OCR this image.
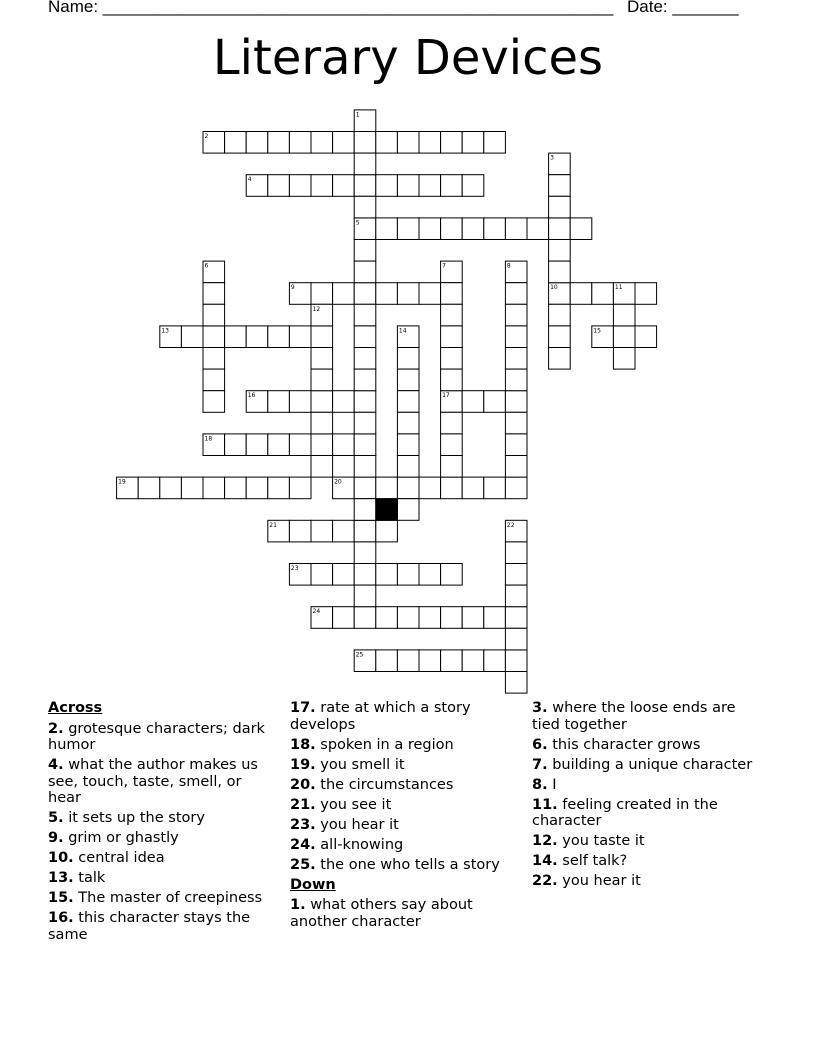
Name: ______________________________________________________ Date: _______
Literary Devices
2
4
5
9	10
13	15
16	17
18
19	20
21
23
24
25
1
3
6	7	8
11
12
14
22
Across
2. grotesque characters; dark humor
4. what the author makes us see, touch, taste, smell, or hear
5. it sets up the story
9. grim or ghastly
10. central idea
13. talk
15. The master of creepiness
16. this character stays the same
17. rate at which a story develops
18. spoken in a region
19. you smell it
20. the circumstances
21. you see it
23. you hear it
24. all-knowing
25. the one who tells a story
Down
1. what others say about another character
3. where the loose ends are tied together
6. this character grows
7. building a unique character
8. I
11. feeling created in the character
12. you taste it
14. self talk?
22. you hear it
